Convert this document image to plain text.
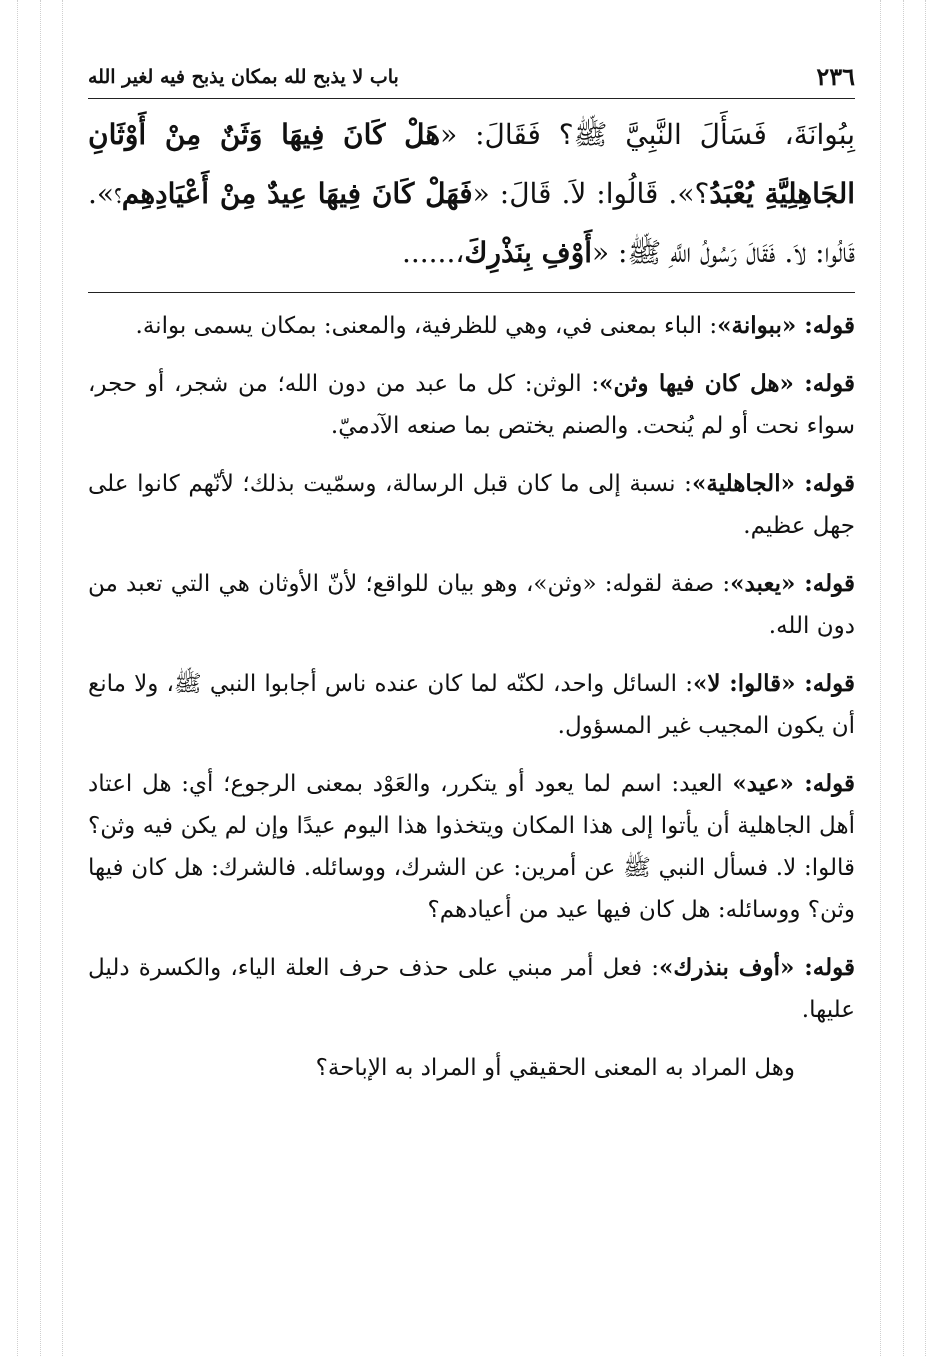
٢٣٦
باب لا يذبح لله بمكان يذبح فيه لغير الله
بِبُوانَةَ، فَسَأَلَ النَّبِيَّ ﷺ؟ فَقَالَ: «هَلْ كَانَ فِيهَا وَثَنٌ مِنْ أَوْثَانِ الجَاهِلِيَّةِ يُعْبَدُ؟». قَالُوا: لاَ. قَالَ: «فَهَلْ كَانَ فِيهَا عِيدٌ مِنْ أَعْيَادِهِم؟». قَالُوا: لاَ. فَقَالَ رَسُولُ اللَّهِ ﷺ: «أَوْفِ بِنَذْرِكَ،......

قوله: «ببوانة»: الباء بمعنى في، وهي للظرفية، والمعنى: بمكان يسمى بوانة.

قوله: «هل كان فيها وثن»: الوثن: كل ما عبد من دون الله؛ من شجر، أو حجر، سواء نحت أو لم يُنحت. والصنم يختص بما صنعه الآدميّ.

قوله: «الجاهلية»: نسبة إلى ما كان قبل الرسالة، وسمّيت بذلك؛ لأنّهم كانوا على جهل عظيم.

قوله: «يعبد»: صفة لقوله: «وثن»، وهو بيان للواقع؛ لأنّ الأوثان هي التي تعبد من دون الله.

قوله: «قالوا: لا»: السائل واحد، لكنّه لما كان عنده ناس أجابوا النبي ﷺ، ولا مانع أن يكون المجيب غير المسؤول.

قوله: «عيد» العيد: اسم لما يعود أو يتكرر، والعَوْد بمعنى الرجوع؛ أي: هل اعتاد أهل الجاهلية أن يأتوا إلى هذا المكان ويتخذوا هذا اليوم عيدًا وإن لم يكن فيه وثن؟ قالوا: لا. فسأل النبي ﷺ عن أمرين: عن الشرك، ووسائله. فالشرك: هل كان فيها وثن؟ ووسائله: هل كان فيها عيد من أعيادهم؟

قوله: «أوف بنذرك»: فعل أمر مبني على حذف حرف العلة الياء، والكسرة دليل عليها.

وهل المراد به المعنى الحقيقي أو المراد به الإباحة؟
